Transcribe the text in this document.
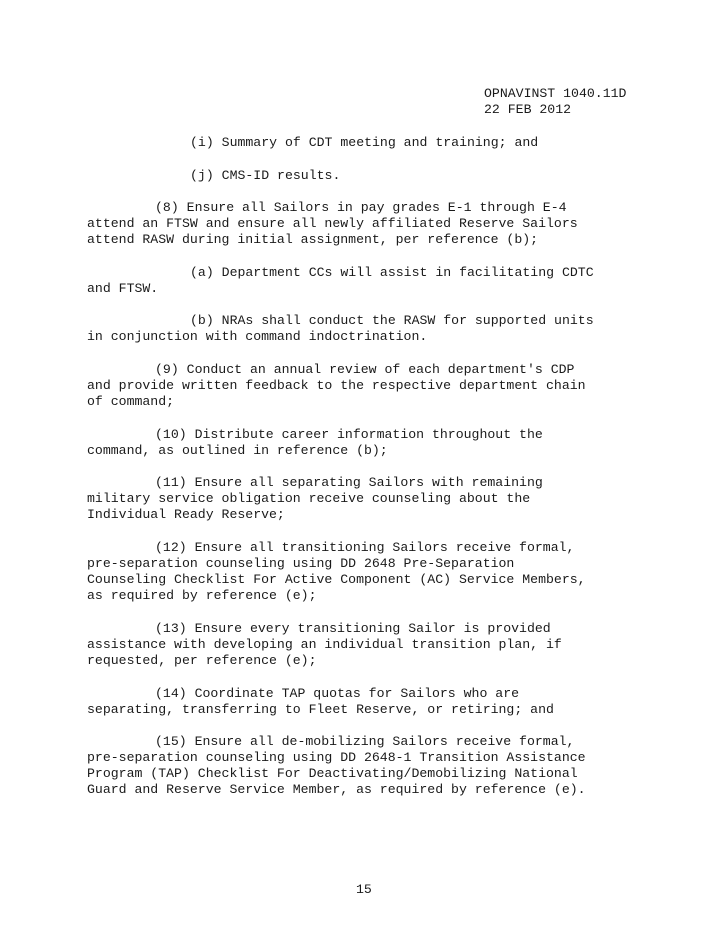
OPNAVINST 1040.11D
22 FEB 2012
(i) Summary of CDT meeting and training; and
(j) CMS-ID results.
(8) Ensure all Sailors in pay grades E-1 through E-4
attend an FTSW and ensure all newly affiliated Reserve Sailors
attend RASW during initial assignment, per reference (b);
(a) Department CCs will assist in facilitating CDTC
and FTSW.
(b) NRAs shall conduct the RASW for supported units
in conjunction with command indoctrination.
(9) Conduct an annual review of each department's CDP
and provide written feedback to the respective department chain
of command;
(10) Distribute career information throughout the
command, as outlined in reference (b);
(11) Ensure all separating Sailors with remaining
military service obligation receive counseling about the
Individual Ready Reserve;
(12) Ensure all transitioning Sailors receive formal,
pre-separation counseling using DD 2648 Pre-Separation
Counseling Checklist For Active Component (AC) Service Members,
as required by reference (e);
(13) Ensure every transitioning Sailor is provided
assistance with developing an individual transition plan, if
requested, per reference (e);
(14) Coordinate TAP quotas for Sailors who are
separating, transferring to Fleet Reserve, or retiring; and
(15) Ensure all de-mobilizing Sailors receive formal,
pre-separation counseling using DD 2648-1 Transition Assistance
Program (TAP) Checklist For Deactivating/Demobilizing National
Guard and Reserve Service Member, as required by reference (e).
15
